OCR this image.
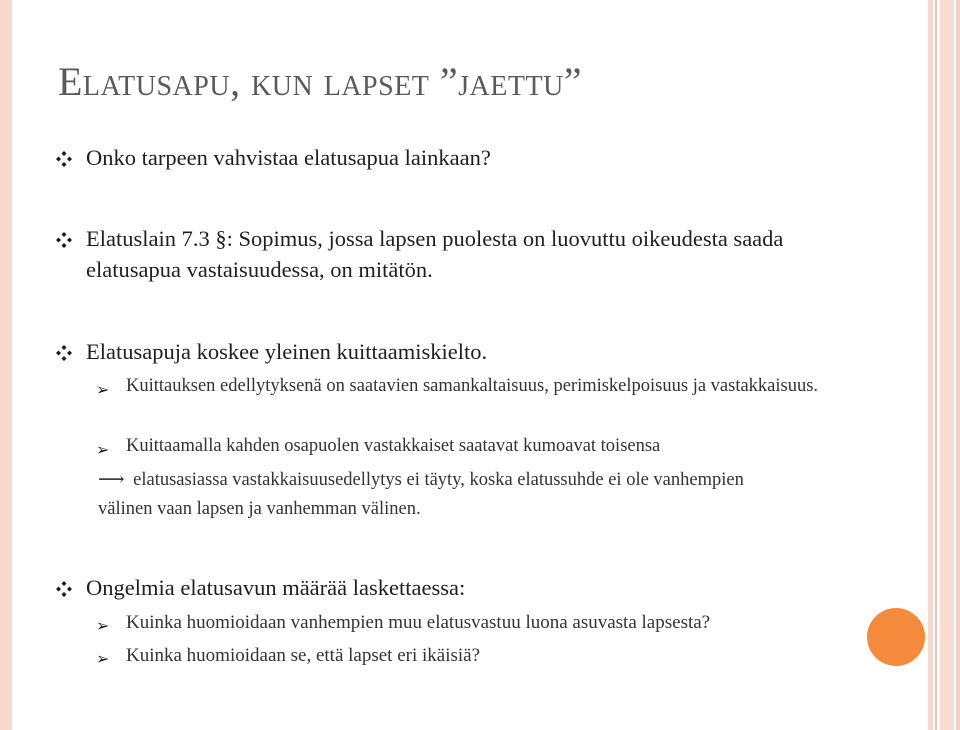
Elatusapu, kun lapset ”jaettu”
Onko tarpeen vahvistaa elatusapua lainkaan?
Elatuslain 7.3 §: Sopimus, jossa lapsen puolesta on luovuttu oikeudesta saada elatusapua vastaisuudessa, on mitätön.
Elatusapuja koskee yleinen kuittaamiskielto.
➢ Kuittauksen edellytyksenä on saatavien samankaltaisuus, perimiskelpoisuus ja vastakkaisuus.
➢ Kuittaamalla kahden osapuolen vastakkaiset saatavat kumoavat toisensa
⟶ elatusasiassa vastakkaisuusedellytys ei täyty, koska elatussuhde ei ole vanhempien välinen vaan lapsen ja vanhemman välinen.
Ongelmia elatusavun määrää laskettaessa:
➢ Kuinka huomioidaan vanhempien muu elatusvastuu luona asuvasta lapsesta?
➢ Kuinka huomioidaan se, että lapset eri ikäisiä?
